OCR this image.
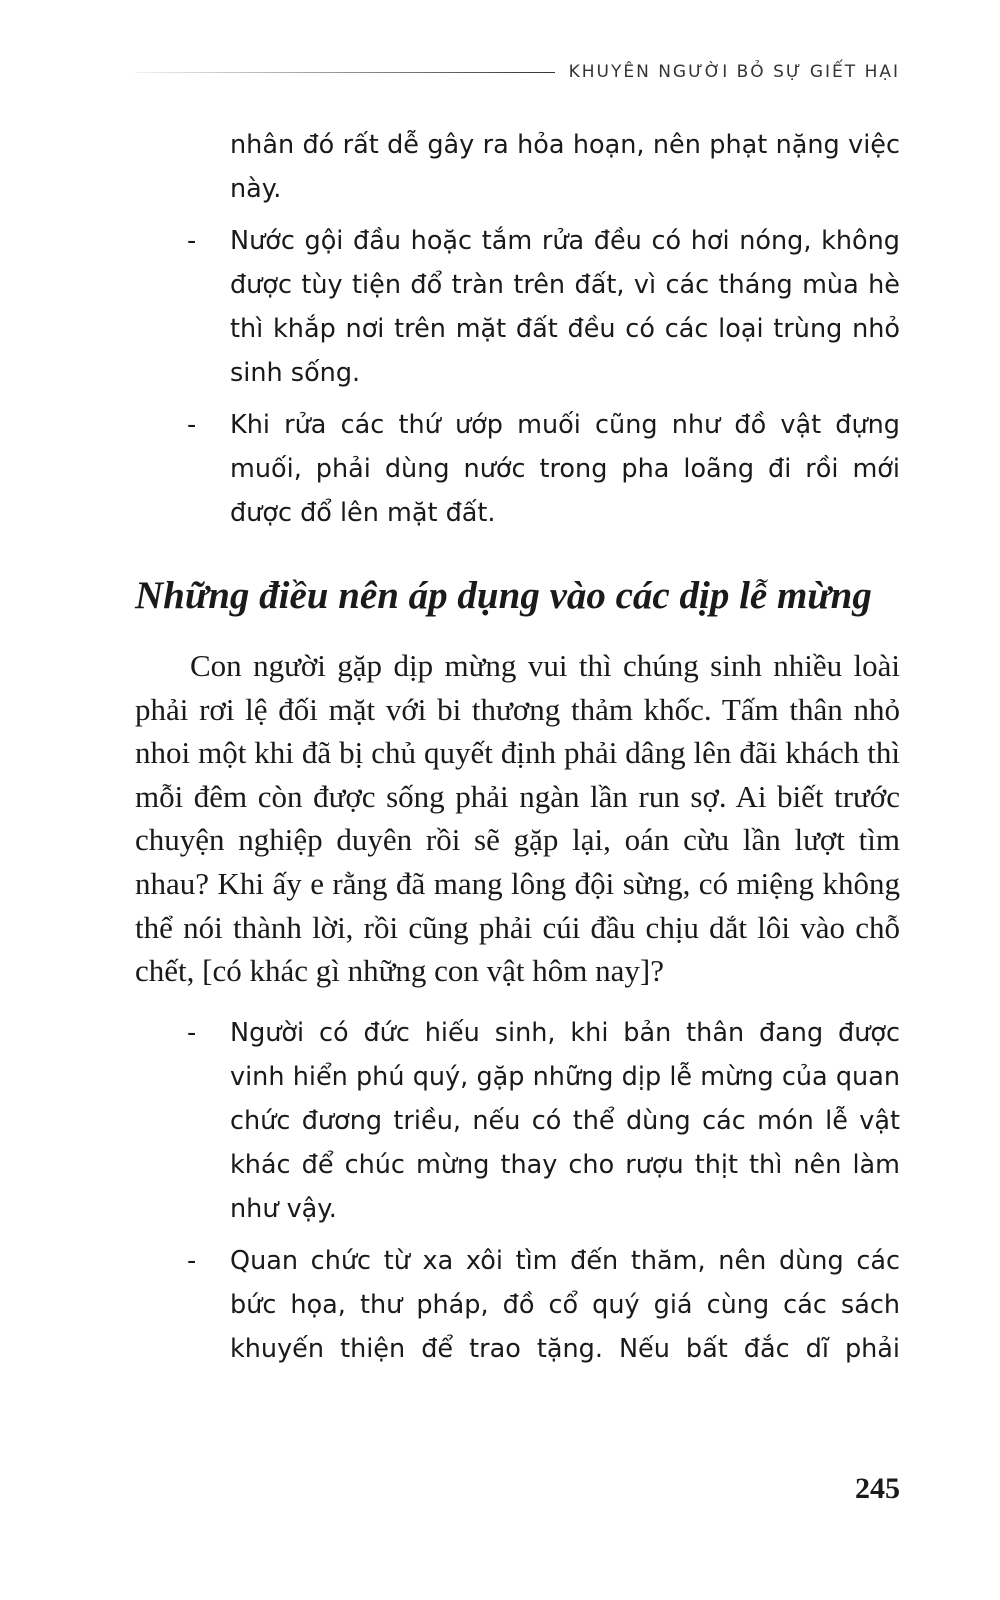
KHUYÊN NGƯỜI BỎ SỰ GIẾT HẠI

nhân đó rất dễ gây ra hỏa hoạn, nên phạt nặng việc này.

- Nước gội đầu hoặc tắm rửa đều có hơi nóng, không được tùy tiện đổ tràn trên đất, vì các tháng mùa hè thì khắp nơi trên mặt đất đều có các loại trùng nhỏ sinh sống.

- Khi rửa các thứ ướp muối cũng như đồ vật đựng muối, phải dùng nước trong pha loãng đi rồi mới được đổ lên mặt đất.

Những điều nên áp dụng vào các dịp lễ mừng

Con người gặp dịp mừng vui thì chúng sinh nhiều loài phải rơi lệ đối mặt với bi thương thảm khốc. Tấm thân nhỏ nhoi một khi đã bị chủ quyết định phải dâng lên đãi khách thì mỗi đêm còn được sống phải ngàn lần run sợ. Ai biết trước chuyện nghiệp duyên rồi sẽ gặp lại, oán cừu lần lượt tìm nhau? Khi ấy e rằng đã mang lông đội sừng, có miệng không thể nói thành lời, rồi cũng phải cúi đầu chịu dắt lôi vào chỗ chết, [có khác gì những con vật hôm nay]?

- Người có đức hiếu sinh, khi bản thân đang được vinh hiển phú quý, gặp những dịp lễ mừng của quan chức đương triều, nếu có thể dùng các món lễ vật khác để chúc mừng thay cho rượu thịt thì nên làm như vậy.

- Quan chức từ xa xôi tìm đến thăm, nên dùng các bức họa, thư pháp, đồ cổ quý giá cùng các sách khuyến thiện để trao tặng. Nếu bất đắc dĩ phải

245
